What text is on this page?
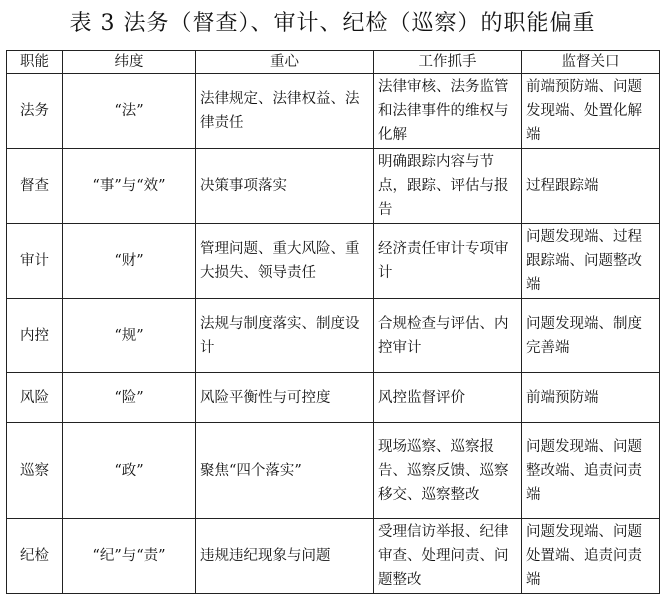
表 3 法务（督查）、审计、纪检（巡察）的职能偏重
职能	纬度	重心	工作抓手	监督关口
法务	“法”	法律规定、法律权益、法律责任	法律审核、法务监管和法律事件的维权与化解	前端预防端、问题发现端、处置化解端
督查	“事”与“效”	决策事项落实	明确跟踪内容与节点，跟踪、评估与报告	过程跟踪端
审计	“财”	管理问题、重大风险、重大损失、领导责任	经济责任审计专项审计	问题发现端、过程跟踪端、问题整改端
内控	“规”	法规与制度落实、制度设计	合规检查与评估、内控审计	问题发现端、制度完善端
风险	“险”	风险平衡性与可控度	风控监督评价	前端预防端
巡察	“政”	聚焦“四个落实”	现场巡察、巡察报告、巡察反馈、巡察移交、巡察整改	问题发现端、问题整改端、追责问责端
纪检	“纪”与“责”	违规违纪现象与问题	受理信访举报、纪律审查、处理问责、问题整改	问题发现端、问题处置端、追责问责端
